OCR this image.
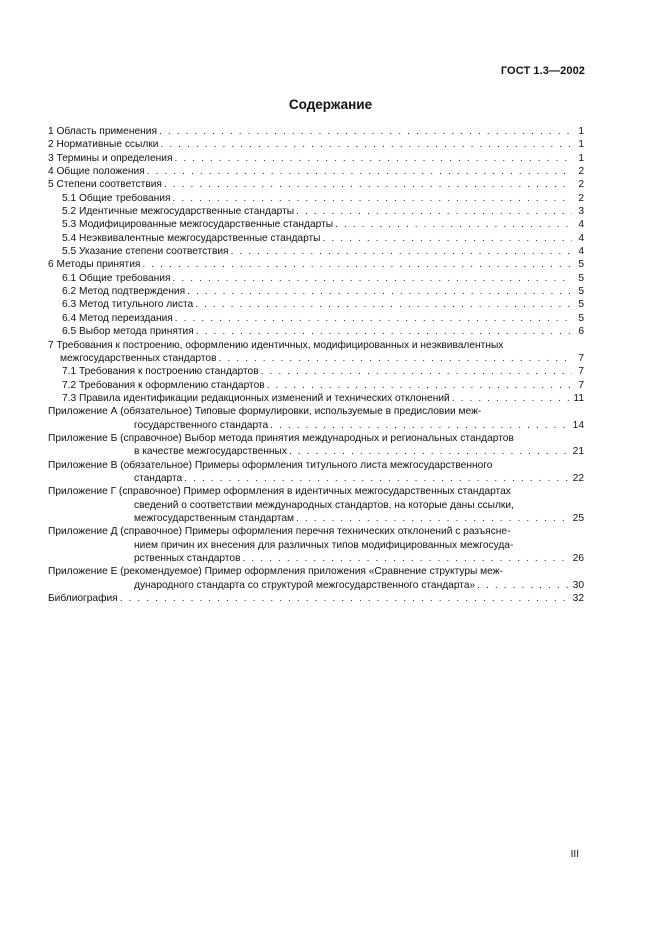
ГОСТ 1.3—2002
Содержание
1 Область применения . . .	1
2 Нормативные ссылки . . .	1
3 Термины и определения . . .	1
4 Общие положения . . .	2
5 Степени соответствия . . .	2
5.1 Общие требования . . .	2
5.2 Идентичные межгосударственные стандарты . . .	3
5.3 Модифицированные межгосударственные стандарты . . .	4
5.4 Неэквивалентные межгосударственные стандарты . . .	4
5.5 Указание степени соответствия . . .	4
6 Методы принятия . . .	5
6.1 Общие требования . . .	5
6.2 Метод подтверждения . . .	5
6.3 Метод титульного листа . . .	5
6.4 Метод переиздания . . .	5
6.5 Выбор метода принятия . . .	6
7 Требования к построению, оформлению идентичных, модифицированных и неэквивалентных
межгосударственных стандартов . . .	7
7.1 Требования к построению стандартов . . .	7
7.2 Требования к оформлению стандартов . . .	7
7.3 Правила идентификации редакционных изменений и технических отклонений . . .	11
Приложение А (обязательное) Типовые формулировки, используемые в предисловии меж-
государственного стандарта . . .	14
Приложение Б (справочное) Выбор метода принятия международных и региональных стандартов
в качестве межгосударственных . . .	21
Приложение В (обязательное) Примеры оформления титульного листа межгосударственного
стандарта . . .	22
Приложение Г (справочное) Пример оформления в идентичных межгосударственных стандартах
сведений о соответствии международных стандартов, на которые даны ссылки,
межгосударственным стандартам . . .	25
Приложение Д (справочное) Примеры оформления перечня технических отклонений с разъясне-
нием причин их внесения для различных типов модифицированных межгосуда-
рственных стандартов . . .	26
Приложение Е (рекомендуемое) Пример оформления приложения «Сравнение структуры меж-
дународного стандарта со структурой межгосударственного стандарта» . . .	30
Библиография . . .	32
III
